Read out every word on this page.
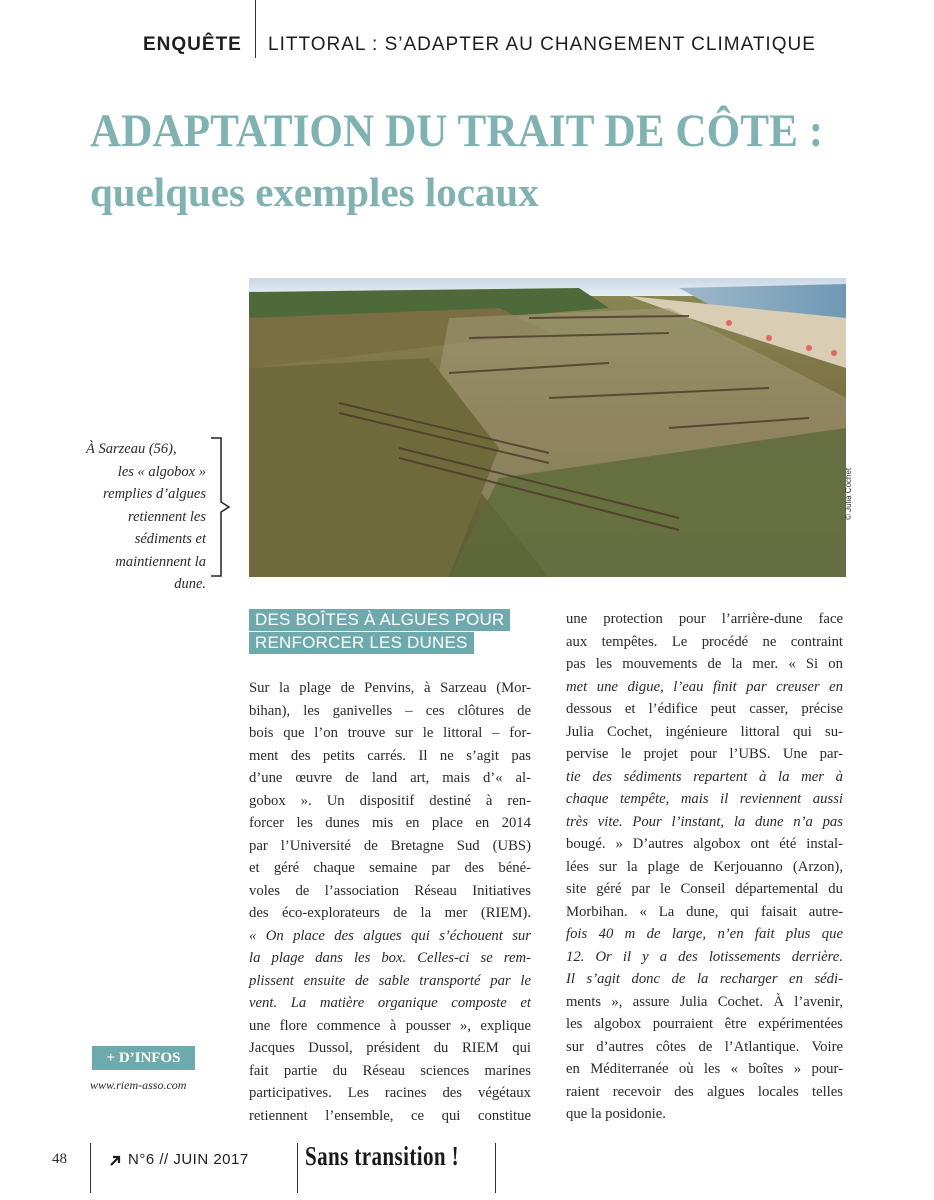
ENQUÊTE LITTORAL : S’ADAPTER AU CHANGEMENT CLIMATIQUE
ADAPTATION DU TRAIT DE CÔTE :
quelques exemples locaux
© Julia Cochet
À Sarzeau (56),
les « algobox »
remplies d’algues
retiennent les
sédiments et
maintiennent la
dune.
DES BOÎTES À ALGUES POUR
RENFORCER LES DUNES
Sur la plage de Penvins, à Sarzeau (Mor-
bihan), les ganivelles – ces clôtures de
bois que l’on trouve sur le littoral – for-
ment des petits carrés. Il ne s’agit pas
d’une œuvre de land art, mais d’« al-
gobox ». Un dispositif destiné à ren-
forcer les dunes mis en place en 2014
par l’Université de Bretagne Sud (UBS)
et géré chaque semaine par des béné-
voles de l’association Réseau Initiatives
des éco-explorateurs de la mer (RIEM).
« On place des algues qui s’échouent sur
la plage dans les box. Celles-ci se rem-
plissent ensuite de sable transporté par le
vent. La matière organique composte et
une flore commence à pousser », explique
Jacques Dussol, président du RIEM qui
fait partie du Réseau sciences marines
participatives. Les racines des végétaux
retiennent l’ensemble, ce qui constitue
une protection pour l’arrière-dune face
aux tempêtes. Le procédé ne contraint
pas les mouvements de la mer. « Si on
met une digue, l’eau finit par creuser en
dessous et l’édifice peut casser, précise
Julia Cochet, ingénieure littoral qui su-
pervise le projet pour l’UBS. Une par-
tie des sédiments repartent à la mer à
chaque tempête, mais il reviennent aussi
très vite. Pour l’instant, la dune n’a pas
bougé. » D’autres algobox ont été instal-
lées sur la plage de Kerjouanno (Arzon),
site géré par le Conseil départemental du
Morbihan. « La dune, qui faisait autre-
fois 40 m de large, n’en fait plus que
12. Or il y a des lotissements derrière.
Il s’agit donc de la recharger en sédi-
ments », assure Julia Cochet. À l’avenir,
les algobox pourraient être expérimentées
sur d’autres côtes de l’Atlantique. Voire
en Méditerranée où les « boîtes » pour-
raient recevoir des algues locales telles
que la posidonie.
+ D’INFOS
www.riem-asso.com
48	N°6 // JUIN 2017 Sans transition !
